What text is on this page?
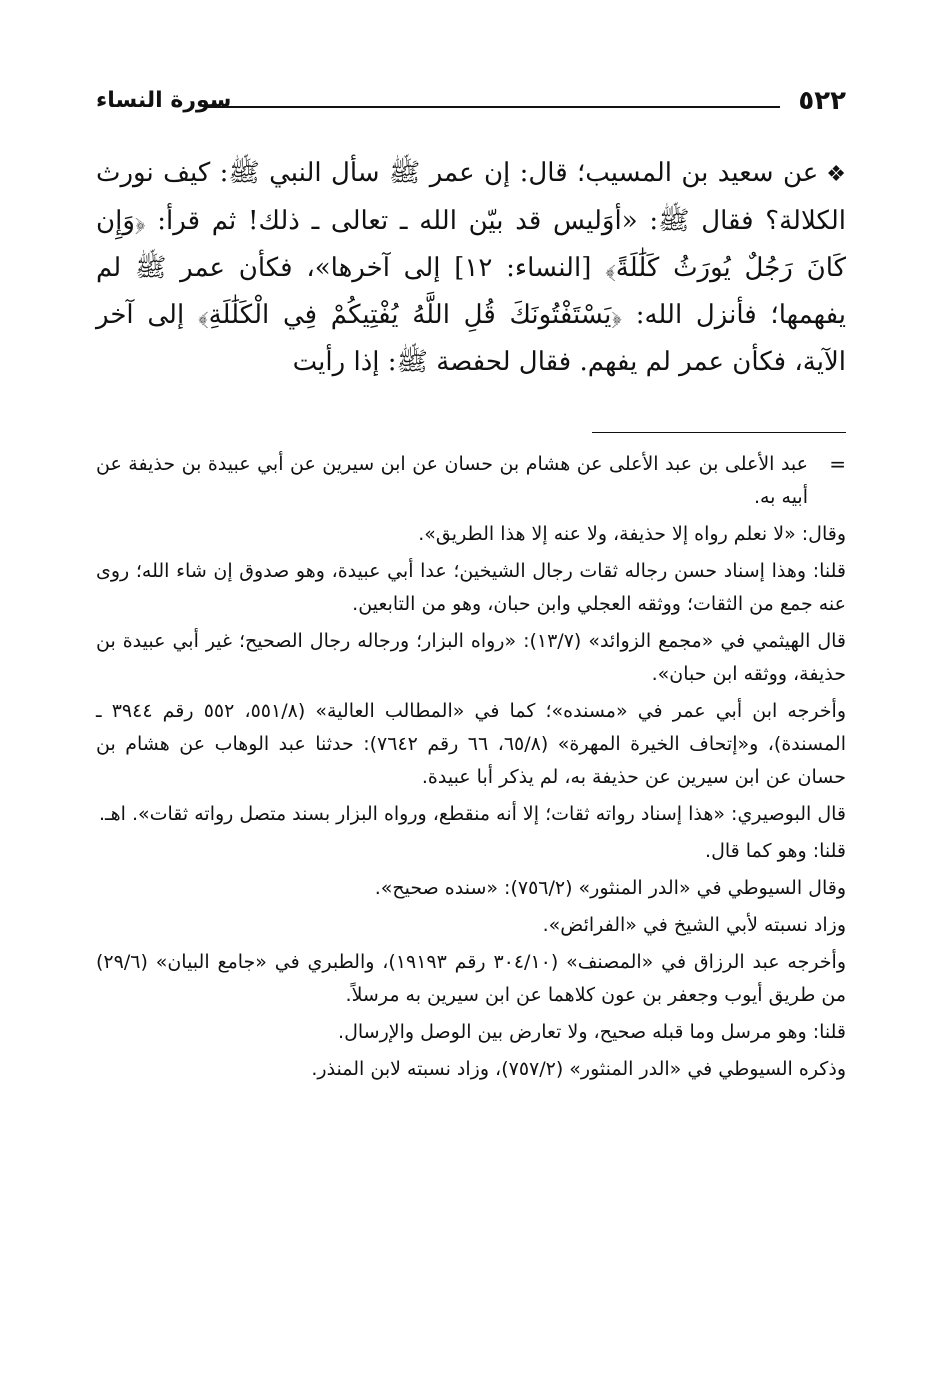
٥٢٢
سورة النساء

❖عن سعيد بن المسيب؛ قال: إن عمر ﷺ سأل النبي ﷺ: كيف نورث الكلالة؟ فقال ﷺ: «أوَليس قد بيّن الله ـ تعالى ـ ذلك! ثم قرأ: ﴿وَإِن كَانَ رَجُلٌ يُورَثُ كَلَٰلَةً﴾ [النساء: ١٢] إلى آخرها»، فكأن عمر ﷺ لم يفهمها؛ فأنزل الله: ﴿يَسْتَفْتُونَكَ قُلِ اللَّهُ يُفْتِيكُمْ فِي الْكَلَٰلَةِ﴾ إلى آخر الآية، فكأن عمر لم يفهم. فقال لحفصة ﷺ: إذا رأيت

=
عبد الأعلى بن عبد الأعلى عن هشام بن حسان عن ابن سيرين عن أبي عبيدة بن حذيفة عن أبيه به.

وقال: «لا نعلم رواه إلا حذيفة، ولا عنه إلا هذا الطريق».

قلنا: وهذا إسناد حسن رجاله ثقات رجال الشيخين؛ عدا أبي عبيدة، وهو صدوق إن شاء الله؛ روى عنه جمع من الثقات؛ ووثقه العجلي وابن حبان، وهو من التابعين.

قال الهيثمي في «مجمع الزوائد» (١٣/٧): «رواه البزار؛ ورجاله رجال الصحيح؛ غير أبي عبيدة بن حذيفة، ووثقه ابن حبان».

وأخرجه ابن أبي عمر في «مسنده»؛ كما في «المطالب العالية» (٥٥١/٨، ٥٥٢ رقم ٣٩٤٤ ـ المسندة)، و«إتحاف الخيرة المهرة» (٦٥/٨، ٦٦ رقم ٧٦٤٢): حدثنا عبد الوهاب عن هشام بن حسان عن ابن سيرين عن حذيفة به، لم يذكر أبا عبيدة.

قال البوصيري: «هذا إسناد رواته ثقات؛ إلا أنه منقطع، ورواه البزار بسند متصل رواته ثقات». اهـ.

قلنا: وهو كما قال.

وقال السيوطي في «الدر المنثور» (٧٥٦/٢): «سنده صحيح».

وزاد نسبته لأبي الشيخ في «الفرائض».

وأخرجه عبد الرزاق في «المصنف» (٣٠٤/١٠ رقم ١٩١٩٣)، والطبري في «جامع البيان» (٢٩/٦) من طريق أيوب وجعفر بن عون كلاهما عن ابن سيرين به مرسلاً.

قلنا: وهو مرسل وما قبله صحيح، ولا تعارض بين الوصل والإرسال.

وذكره السيوطي في «الدر المنثور» (٧٥٧/٢)، وزاد نسبته لابن المنذر.
